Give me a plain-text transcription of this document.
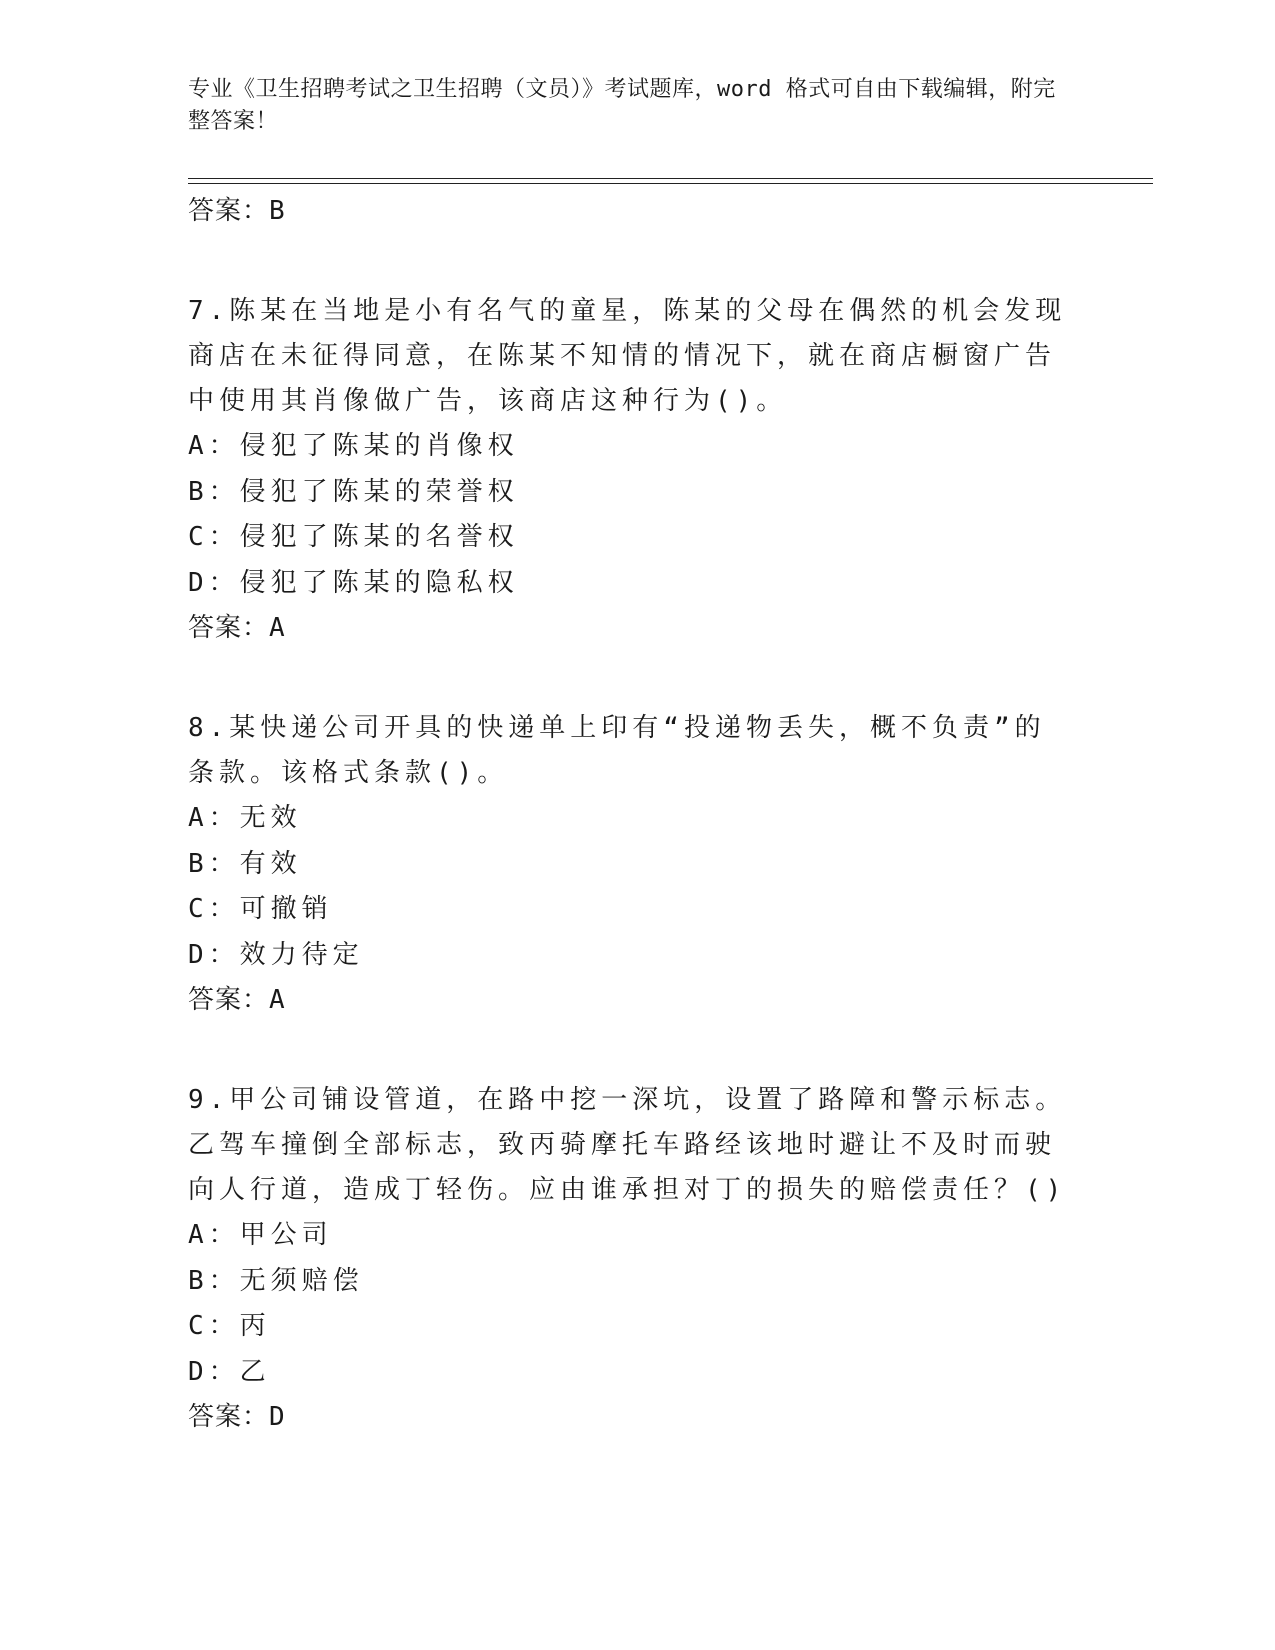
专业《卫生招聘考试之卫生招聘（文员）》考试题库，word 格式可自由下载编辑，附完整答案！

答案：B

7.陈某在当地是小有名气的童星，陈某的父母在偶然的机会发现商店在未征得同意，在陈某不知情的情况下，就在商店橱窗广告中使用其肖像做广告，该商店这种行为()。

A：侵犯了陈某的肖像权

B：侵犯了陈某的荣誉权

C：侵犯了陈某的名誉权

D：侵犯了陈某的隐私权

答案：A

8.某快递公司开具的快递单上印有“投递物丢失，概不负责”的条款。该格式条款()。

A：无效

B：有效

C：可撤销

D：效力待定

答案：A

9.甲公司铺设管道，在路中挖一深坑，设置了路障和警示标志。乙驾车撞倒全部标志，致丙骑摩托车路经该地时避让不及时而驶向人行道，造成丁轻伤。应由谁承担对丁的损失的赔偿责任？()

A：甲公司

B：无须赔偿

C：丙

D：乙

答案：D
